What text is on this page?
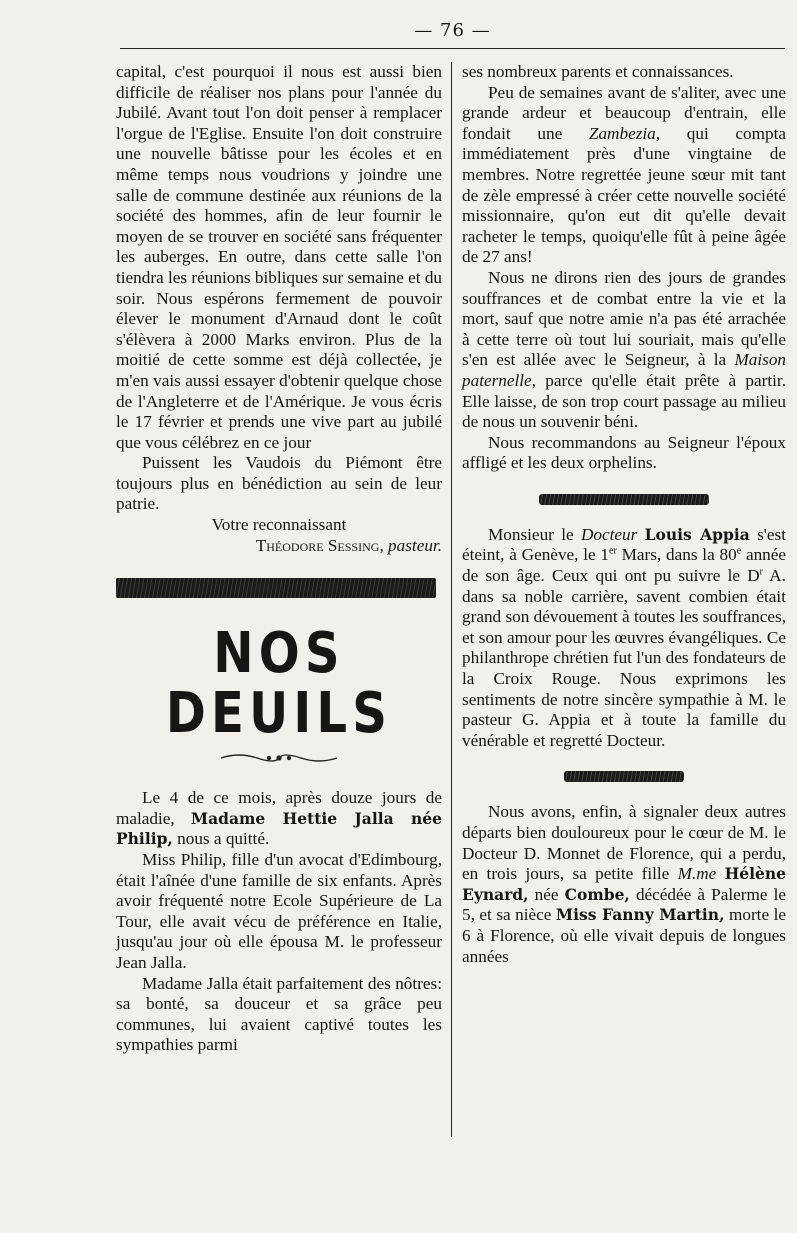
— 76 —

capital, c'est pourquoi il nous est aussi bien difficile de réaliser nos plans pour l'année du Jubilé. Avant tout l'on doit penser à remplacer l'orgue de l'Eglise. Ensuite l'on doit construire une nouvelle bâtisse pour les écoles et en même temps nous voudrions y joindre une salle de commune destinée aux réunions de la société des hommes, afin de leur fournir le moyen de se trouver en société sans fréquenter les auberges. En outre, dans cette salle l'on tiendra les réunions bibliques sur semaine et du soir. Nous espérons fermement de pouvoir élever le monument d'Arnaud dont le coût s'élèvera à 2000 Marks environ. Plus de la moitié de cette somme est déjà collectée, je m'en vais aussi essayer d'obtenir quelque chose de l'Angleterre et de l'Amérique. Je vous écris le 17 février et prends une vive part au jubilé que vous célébrez en ce jour

Puissent les Vaudois du Piémont être toujours plus en bénédiction au sein de leur patrie.

Votre reconnaissant

Théodore Sessing, pasteur.

NOS DEUILS

Le 4 de ce mois, après douze jours de maladie, Madame Hettie Jalla née Philip, nous a quitté.

Miss Philip, fille d'un avocat d'Edimbourg, était l'aînée d'une famille de six enfants. Après avoir fréquenté notre Ecole Supérieure de La Tour, elle avait vécu de préférence en Italie, jusqu'au jour où elle épousa M. le professeur Jean Jalla.

Madame Jalla était parfaitement des nôtres: sa bonté, sa douceur et sa grâce peu communes, lui avaient captivé toutes les sympathies parmi

ses nombreux parents et connaissances.

Peu de semaines avant de s'aliter, avec une grande ardeur et beaucoup d'entrain, elle fondait une Zambezia, qui compta immédiatement près d'une vingtaine de membres. Notre regrettée jeune sœur mit tant de zèle empressé à créer cette nouvelle société missionnaire, qu'on eut dit qu'elle devait racheter le temps, quoiqu'elle fût à peine âgée de 27 ans!

Nous ne dirons rien des jours de grandes souffrances et de combat entre la vie et la mort, sauf que notre amie n'a pas été arrachée à cette terre où tout lui souriait, mais qu'elle s'en est allée avec le Seigneur, à la Maison paternelle, parce qu'elle était prête à partir. Elle laisse, de son trop court passage au milieu de nous un souvenir béni.

Nous recommandons au Seigneur l'époux affligé et les deux orphelins.

Monsieur le Docteur Louis Appia s'est éteint, à Genève, le 1er Mars, dans la 80e année de son âge. Ceux qui ont pu suivre le $D^r$ A. dans sa noble carrière, savent combien était grand son dévouement à toutes les souffrances, et son amour pour les œuvres évangéliques. Ce philanthrope chrétien fut l'un des fondateurs de la Croix Rouge. Nous exprimons les sentiments de notre sincère sympathie à M. le pasteur G. Appia et à toute la famille du vénérable et regretté Docteur.

Nous avons, enfin, à signaler deux autres départs bien douloureux pour le cœur de M. le Docteur D. Monnet de Florence, qui a perdu, en trois jours, sa petite fille M.me Hélène Eynard, née Combe, décédée à Palerme le 5, et sa nièce Miss Fanny Martin, morte le 6 à Florence, où elle vivait depuis de longues années
